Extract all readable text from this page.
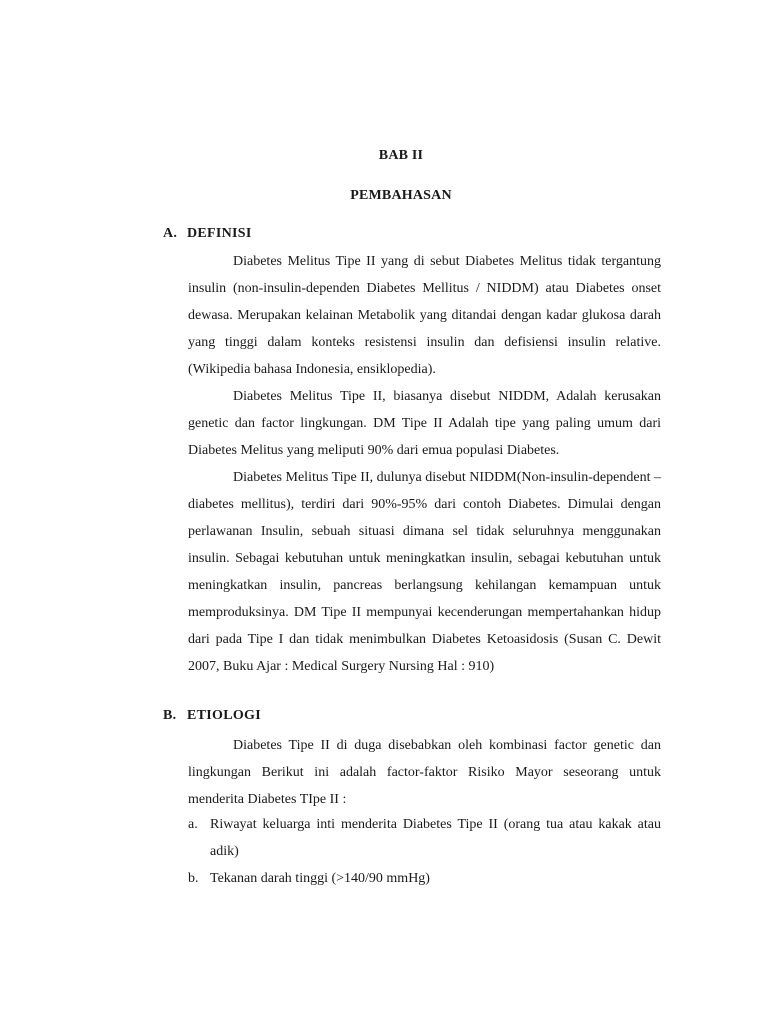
BAB II
PEMBAHASAN
A. DEFINISI

Diabetes Melitus Tipe II yang di sebut Diabetes Melitus tidak tergantung insulin (non-insulin-dependen Diabetes Mellitus / NIDDM) atau Diabetes onset dewasa. Merupakan kelainan Metabolik yang ditandai dengan kadar glukosa darah yang tinggi dalam konteks resistensi insulin dan defisiensi insulin relative. (Wikipedia bahasa Indonesia, ensiklopedia).

Diabetes Melitus Tipe II, biasanya disebut NIDDM, Adalah kerusakan genetic dan factor lingkungan. DM Tipe II Adalah tipe yang paling umum dari Diabetes Melitus yang meliputi 90% dari emua populasi Diabetes.

Diabetes Melitus Tipe II, dulunya disebut NIDDM(Non-insulin-dependent –diabetes mellitus), terdiri dari 90%-95% dari contoh Diabetes. Dimulai dengan perlawanan Insulin, sebuah situasi dimana sel tidak seluruhnya menggunakan insulin. Sebagai kebutuhan untuk meningkatkan insulin, sebagai kebutuhan untuk meningkatkan insulin, pancreas berlangsung kehilangan kemampuan untuk memproduksinya. DM Tipe II mempunyai kecenderungan mempertahankan hidup dari pada Tipe I dan tidak menimbulkan Diabetes Ketoasidosis (Susan C. Dewit 2007, Buku Ajar : Medical Surgery Nursing Hal : 910)

B. ETIOLOGI

Diabetes Tipe II di duga disebabkan oleh kombinasi factor genetic dan lingkungan Berikut ini adalah factor-faktor Risiko Mayor seseorang untuk menderita Diabetes TIpe II :

a. Riwayat keluarga inti menderita Diabetes Tipe II (orang tua atau kakak atau adik)
b. Tekanan darah tinggi (>140/90 mmHg)
